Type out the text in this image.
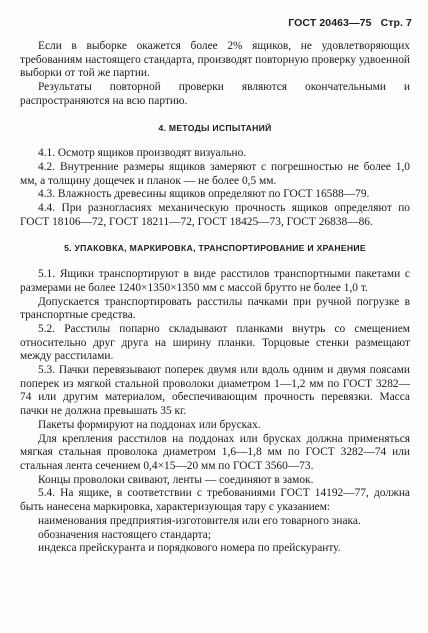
ГОСТ 20463—75 Стр. 7

Если в выборке окажется более 2% ящиков, не удовлетворяющих требованиям настоящего стандарта, производят повторную проверку удвоенной выборки от той же партии.

Результаты повторной проверки являются окончательными и распространяются на всю партию.

4. МЕТОДЫ ИСПЫТАНИЙ

4.1. Осмотр ящиков производят визуально.

4.2. Внутренние размеры ящиков замеряют с погрешностью не более 1,0 мм, а толщину дощечек и планок — не более 0,5 мм.

4.3. Влажность древесины ящиков определяют по ГОСТ 16588—79.

4.4. При разногласиях механическую прочность ящиков определяют по ГОСТ 18106—72, ГОСТ 18211—72, ГОСТ 18425—73, ГОСТ 26838—86.

5. УПАКОВКА, МАРКИРОВКА, ТРАНСПОРТИРОВАНИЕ И ХРАНЕНИЕ

5.1. Ящики транспортируют в виде расстилов транспортными пакетами с размерами не более 1240×1350×1350 мм с массой брутто не более 1,0 т.

Допускается транспортировать расстилы пачками при ручной погрузке в транспортные средства.

5.2. Расстилы попарно складывают планками внутрь со смещением относительно друг друга на ширину планки. Торцовые стенки размещают между расстилами.

5.3. Пачки перевязывают поперек двумя или вдоль одним и двумя поясами поперек из мягкой стальной проволоки диаметром 1—1,2 мм по ГОСТ 3282—74 или другим материалом, обеспечивающим прочность перевязки. Масса пачки не должна превышать 35 кг.

Пакеты формируют на поддонах или брусках.

Для крепления расстилов на поддонах или брусках должна применяться мягкая стальная проволока диаметром 1,6—1,8 мм по ГОСТ 3282—74 или стальная лента сечением 0,4×15—20 мм по ГОСТ 3560—73.

Концы проволоки свивают, ленты — соединяют в замок.

5.4. На ящике, в соответствии с требованиями ГОСТ 14192—77, должна быть нанесена маркировка, характеризующая тару с указанием:

наименования предприятия-изготовителя или его товарного знака.

обозначения настоящего стандарта;

индекса прейскуранта и порядкового номера по прейскуранту.
